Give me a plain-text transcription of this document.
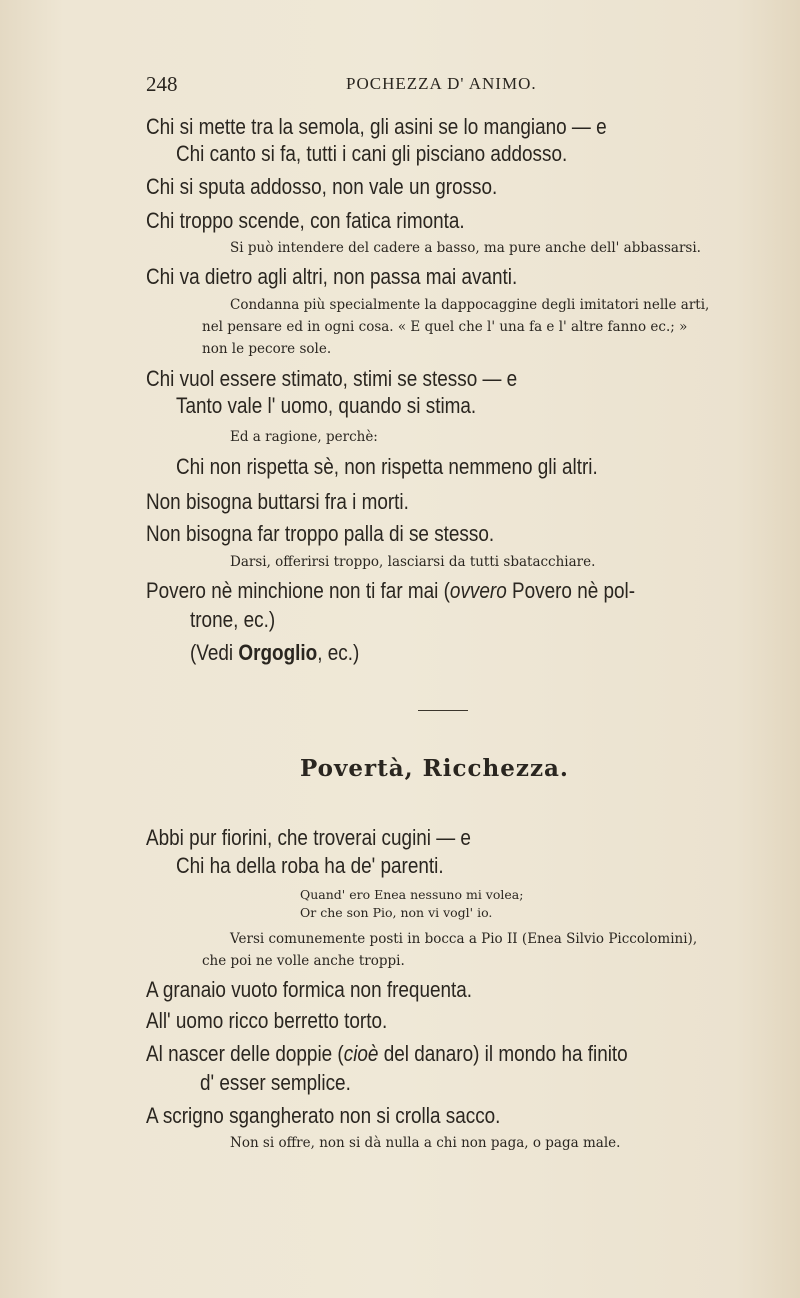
248	POCHEZZA D' ANIMO.
Chi si mette tra la semola, gli asini se lo mangiano — e
Chi canto si fa, tutti i cani gli pisciano addosso.
Chi si sputa addosso, non vale un grosso.
Chi troppo scende, con fatica rimonta.
Si può intendere del cadere a basso, ma pure anche dell' abbassarsi.
Chi va dietro agli altri, non passa mai avanti.
Condanna più specialmente la dappocaggine degli imitatori nelle arti,
nel pensare ed in ogni cosa. « E quel che l' una fa e l' altre fanno ec.; »
non le pecore sole.
Chi vuol essere stimato, stimi se stesso — e
Tanto vale l' uomo, quando si stima.
Ed a ragione, perchè:
Chi non rispetta sè, non rispetta nemmeno gli altri.
Non bisogna buttarsi fra i morti.
Non bisogna far troppo palla di se stesso.
Darsi, offerirsi troppo, lasciarsi da tutti sbatacchiare.
Povero nè minchione non ti far mai (ovvero Povero nè pol-
trone, ec.)
(Vedi Orgoglio, ec.)
Povertà, Ricchezza.
Abbi pur fiorini, che troverai cugini — e
Chi ha della roba ha de' parenti.
Quand' ero Enea nessuno mi volea;
Or che son Pio, non vi vogl' io.
Versi comunemente posti in bocca a Pio II (Enea Silvio Piccolomini),
che poi ne volle anche troppi.
A granaio vuoto formica non frequenta.
All' uomo ricco berretto torto.
Al nascer delle doppie (cioè del danaro) il mondo ha finito
d' esser semplice.
A scrigno sgangherato non si crolla sacco.
Non si offre, non si dà nulla a chi non paga, o paga male.
